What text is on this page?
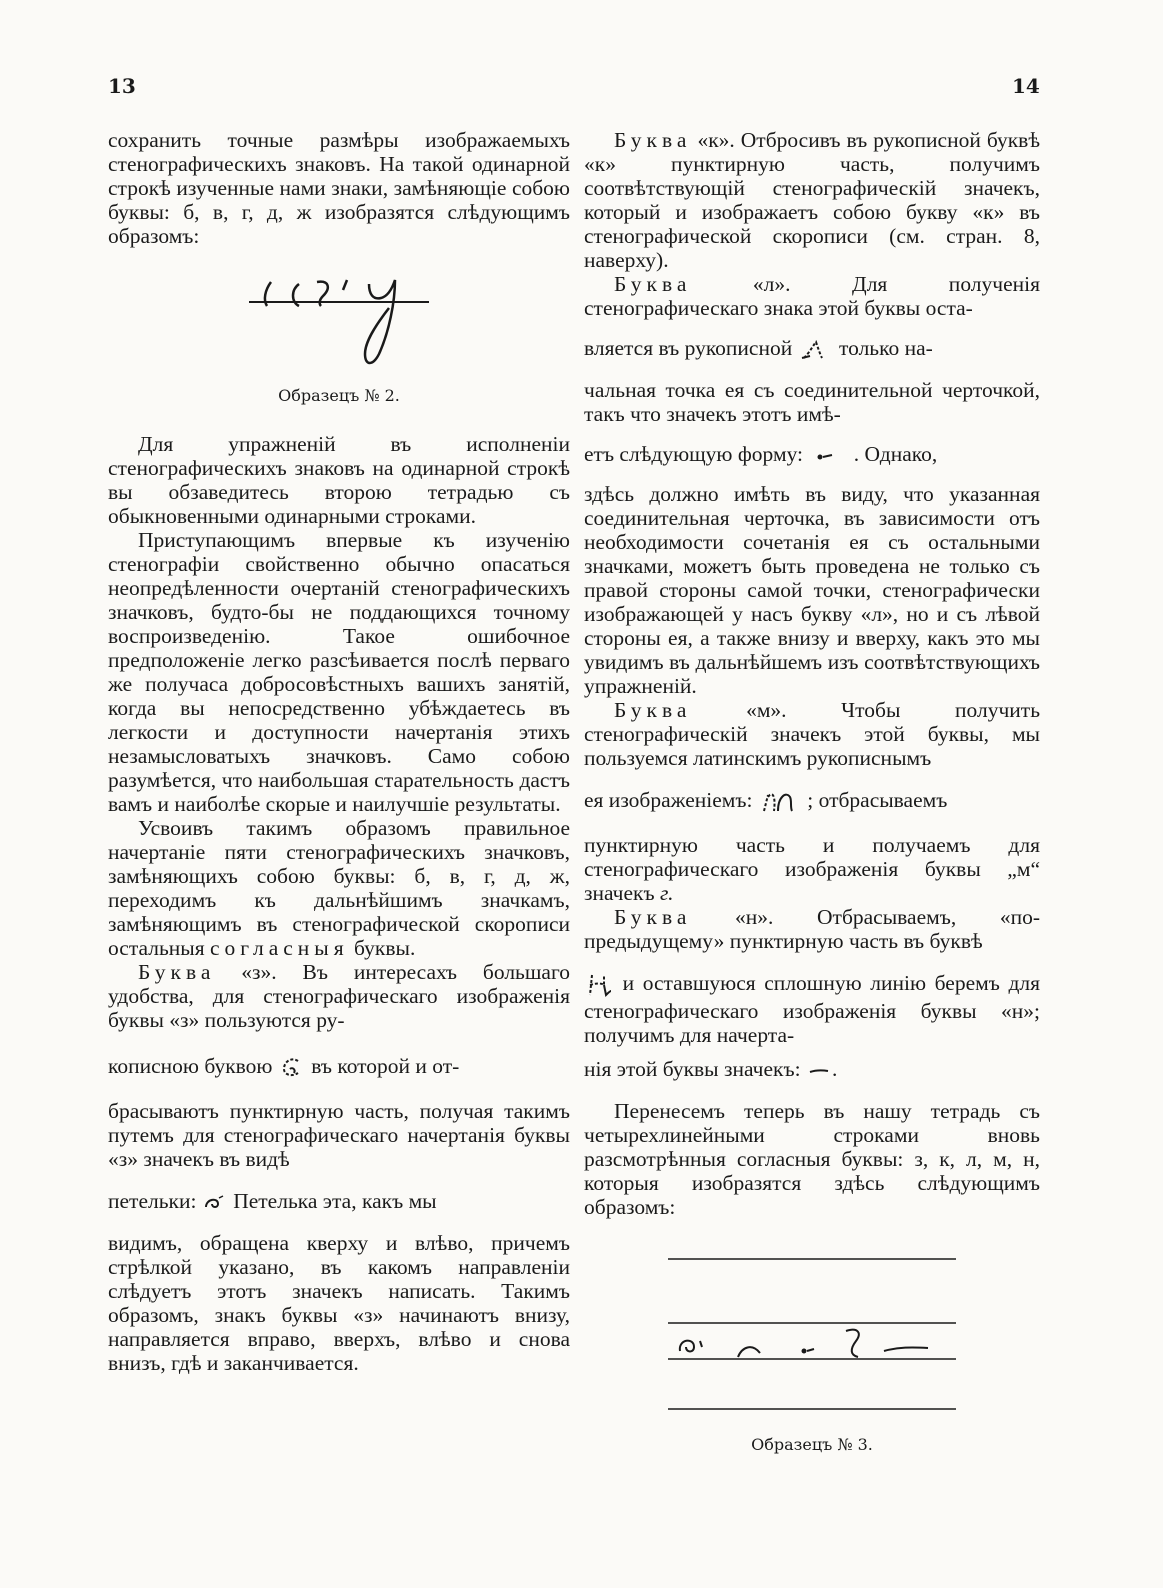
13	14

сохранить точные размѣры изображаемыхъ стенографическихъ знаковъ. На такой одинарной строкѣ изученные нами знаки, замѣняющіе собою буквы: б, в, г, д, ж изобразятся слѣдующимъ образомъ:

Образецъ № 2.

Для упражненій въ исполненіи стенографическихъ знаковъ на одинарной строкѣ вы обзаведитесь второю тетрадью съ обыкновенными одинарными строками.

Приступающимъ впервые къ изученію стенографіи свойственно обычно опасаться неопредѣленности очертаній стенографическихъ значковъ, будто-бы не поддающихся точному воспроизведенію. Такое ошибочное предположеніе легко разсѣивается послѣ перваго же получаса добросовѣстныхъ вашихъ занятій, когда вы непосредственно убѣждаетесь въ легкости и доступности начертанія этихъ незамысловатыхъ значковъ. Само собою разумѣется, что наибольшая старательность дастъ вамъ и наиболѣе скорые и наилучшіе результаты.

Усвоивъ такимъ образомъ правильное начертаніе пяти стенографическихъ значковъ, замѣняющихъ собою буквы: б, в, г, д, ж, переходимъ къ дальнѣйшимъ значкамъ, замѣняющимъ въ стенографической скорописи остальныя согласныя буквы.

Буква «з». Въ интересахъ большаго удобства, для стенографическаго изображенія буквы «з» пользуются ру-

кописною буквою въ которой и от-

брасываютъ пунктирную часть, получая такимъ путемъ для стенографическаго начертанія буквы «з» значекъ въ видѣ

петельки: Петелька эта, какъ мы

видимъ, обращена кверху и влѣво, причемъ стрѣлкой указано, въ какомъ направленіи слѣдуетъ этотъ значекъ написать. Такимъ образомъ, знакъ буквы «з» начинаютъ внизу, направляется вправо, вверхъ, влѣво и снова внизъ, гдѣ и заканчивается.

Буква «к». Отбросивъ въ рукописной буквѣ «к» пунктирную часть, получимъ соотвѣтствующій стенографическій значекъ, который и изображаетъ собою букву «к» въ стенографической скорописи (см. стран. 8, наверху).

Буква	«л». Для полученія стенографическаго знака этой буквы оста-

вляется въ рукописной только на-

чальная точка ея съ соединительной черточкой, такъ что значекъ этотъ имѣ-

етъ слѣдующую форму: . Однако,

здѣсь должно имѣть въ виду, что указанная соединительная черточка, въ зависимости отъ необходимости сочетанія ея съ остальными значками, можетъ быть проведена не только съ правой стороны самой точки, стенографически изображающей у насъ букву «л», но и съ лѣвой стороны ея, а также внизу и вверху, какъ это мы увидимъ въ дальнѣйшемъ изъ соотвѣтствующихъ упражненій.

Буква	«м». Чтобы получить стенографическій значекъ этой буквы, мы пользуемся латинскимъ рукописнымъ

ея изображеніемъ:	; отбрасываемъ

пунктирную часть и получаемъ для стенографическаго изображенія буквы „м“ значекъ г.

Буква «н». Отбрасываемъ, «по-предыдущему» пунктирную часть въ буквѣ

и оставшуюся сплошную линію беремъ для стенографическаго изображенія буквы «н»; получимъ для начерта-

нія этой буквы значекъ: .

Перенесемъ теперь въ нашу тетрадь съ четырехлинейными строками вновь разсмотрѣнныя согласныя буквы: з, к, л, м, н, которыя изобразятся здѣсь слѣдующимъ образомъ:

Образецъ № 3.
